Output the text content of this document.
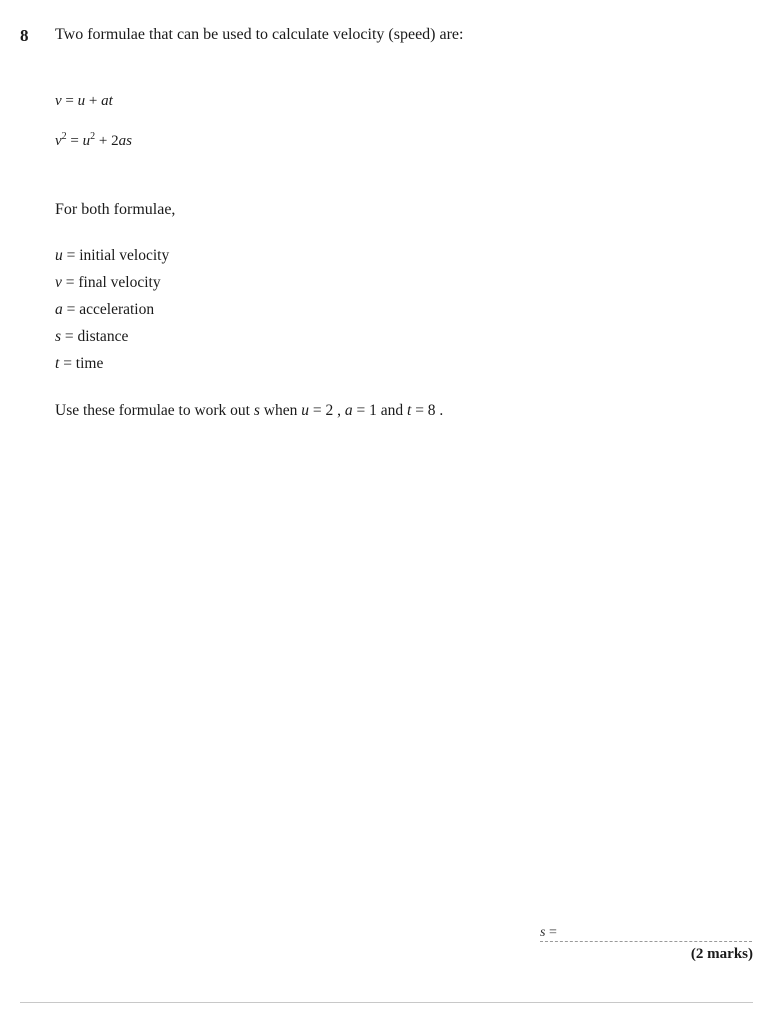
8 Two formulae that can be used to calculate velocity (speed) are:
v = u + at
$v^2 = u^2 + 2as$
For both formulae,
u = initial velocity
v = final velocity
a = acceleration
s = distance
t = time
Use these formulae to work out s when u = 2 , a = 1 and t = 8 .
s =
(2 marks)
